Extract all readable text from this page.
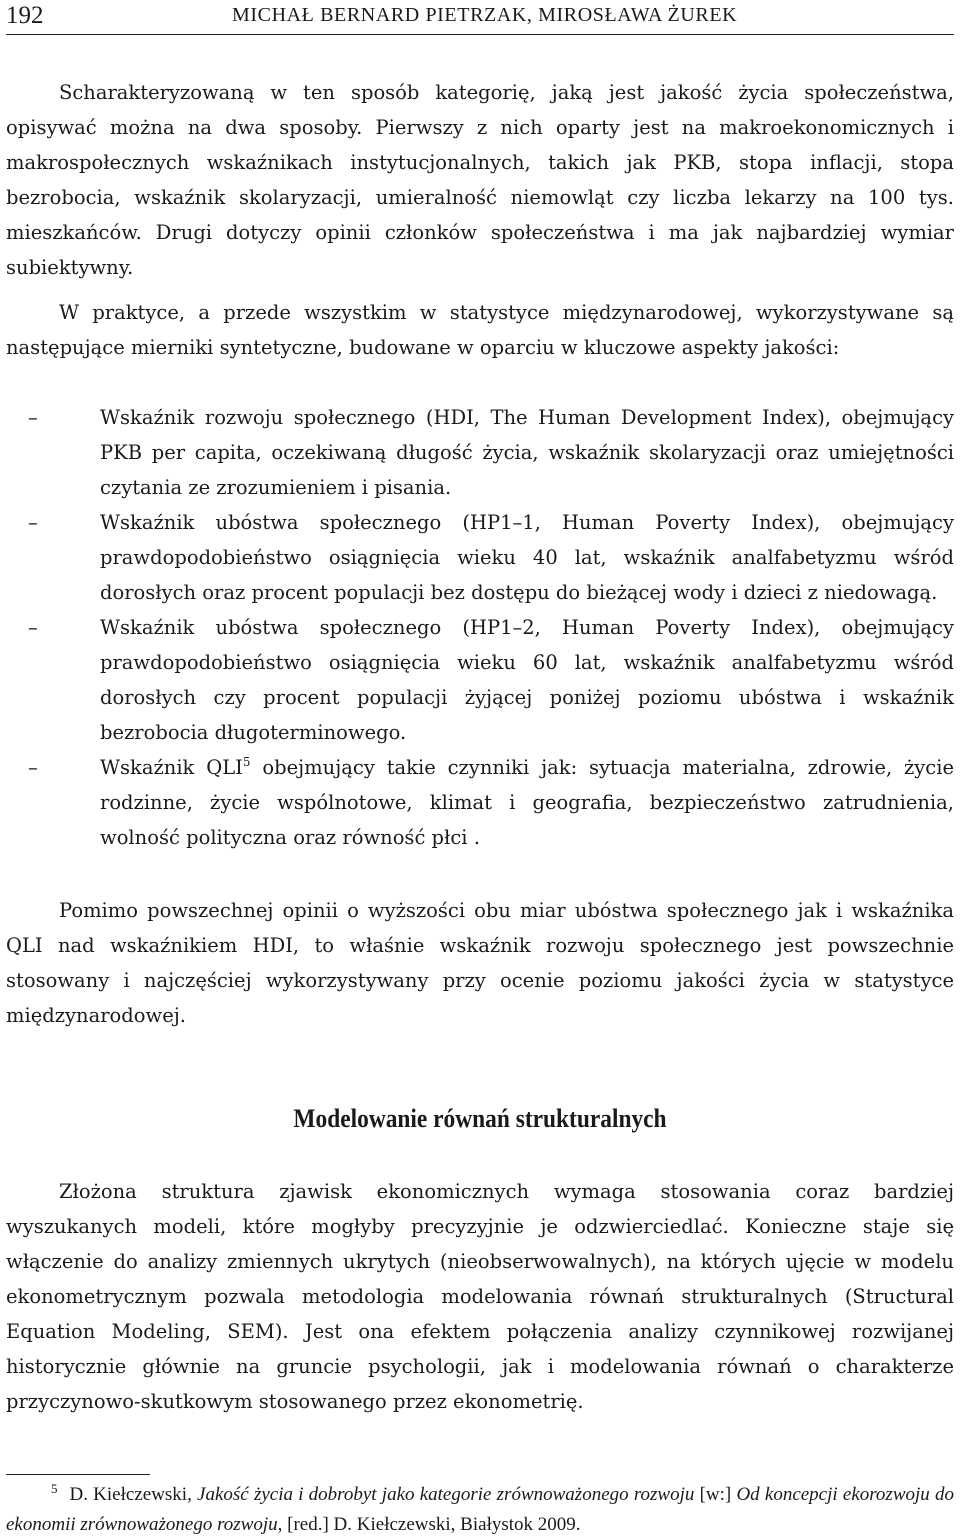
192	MICHAŁ BERNARD PIETRZAK, MIROSŁAWA ŻUREK

Scharakteryzowaną w ten sposób kategorię, jaką jest jakość życia społeczeństwa, opisywać można na dwa sposoby. Pierwszy z nich oparty jest na makroekonomicznych i makrospołecznych wskaźnikach instytucjonalnych, takich jak PKB, stopa inflacji, stopa bezrobocia, wskaźnik skolaryzacji, umieralność niemowląt czy liczba lekarzy na 100 tys. mieszkańców. Drugi dotyczy opinii członków społeczeństwa i ma jak najbardziej wymiar subiektywny.

W praktyce, a przede wszystkim w statystyce międzynarodowej, wykorzystywane są następujące mierniki syntetyczne, budowane w oparciu w kluczowe aspekty jakości:

–	Wskaźnik rozwoju społecznego (HDI, The Human Development Index), obejmujący PKB per capita, oczekiwaną długość życia, wskaźnik skolaryzacji oraz umiejętności czytania ze zrozumieniem i pisania.
–	Wskaźnik ubóstwa społecznego (HP1–1, Human Poverty Index), obejmujący prawdopodobieństwo osiągnięcia wieku 40 lat, wskaźnik analfabetyzmu wśród dorosłych oraz procent populacji bez dostępu do bieżącej wody i dzieci z niedowagą.
–	Wskaźnik ubóstwa społecznego (HP1–2, Human Poverty Index), obejmujący prawdopodobieństwo osiągnięcia wieku 60 lat, wskaźnik analfabetyzmu wśród dorosłych czy procent populacji żyjącej poniżej poziomu ubóstwa i wskaźnik bezrobocia długoterminowego.
–	Wskaźnik QLI$^5$ obejmujący takie czynniki jak: sytuacja materialna, zdrowie, życie rodzinne, życie wspólnotowe, klimat i geografia, bezpieczeństwo zatrudnienia, wolność polityczna oraz równość płci .

Pomimo powszechnej opinii o wyższości obu miar ubóstwa społecznego jak i wskaźnika QLI nad wskaźnikiem HDI, to właśnie wskaźnik rozwoju społecznego jest powszechnie stosowany i najczęściej wykorzystywany przy ocenie poziomu jakości życia w statystyce międzynarodowej.

Modelowanie równań strukturalnych

Złożona struktura zjawisk ekonomicznych wymaga stosowania coraz bardziej wyszukanych modeli, które mogłyby precyzyjnie je odzwierciedlać. Konieczne staje się włączenie do analizy zmiennych ukrytych (nieobserwowalnych), na których ujęcie w modelu ekonometrycznym pozwala metodologia modelowania równań strukturalnych (Structural Equation Modeling, SEM). Jest ona efektem połączenia analizy czynnikowej rozwijanej historycznie głównie na gruncie psychologii, jak i modelowania równań o charakterze przyczynowo-skutkowym stosowanego przez ekonometrię.

$^5$ D. Kiełczewski, Jakość życia i dobrobyt jako kategorie zrównoważonego rozwoju [w:] Od koncepcji ekorozwoju do ekonomii zrównoważonego rozwoju, [red.] D. Kiełczewski, Białystok 2009.
